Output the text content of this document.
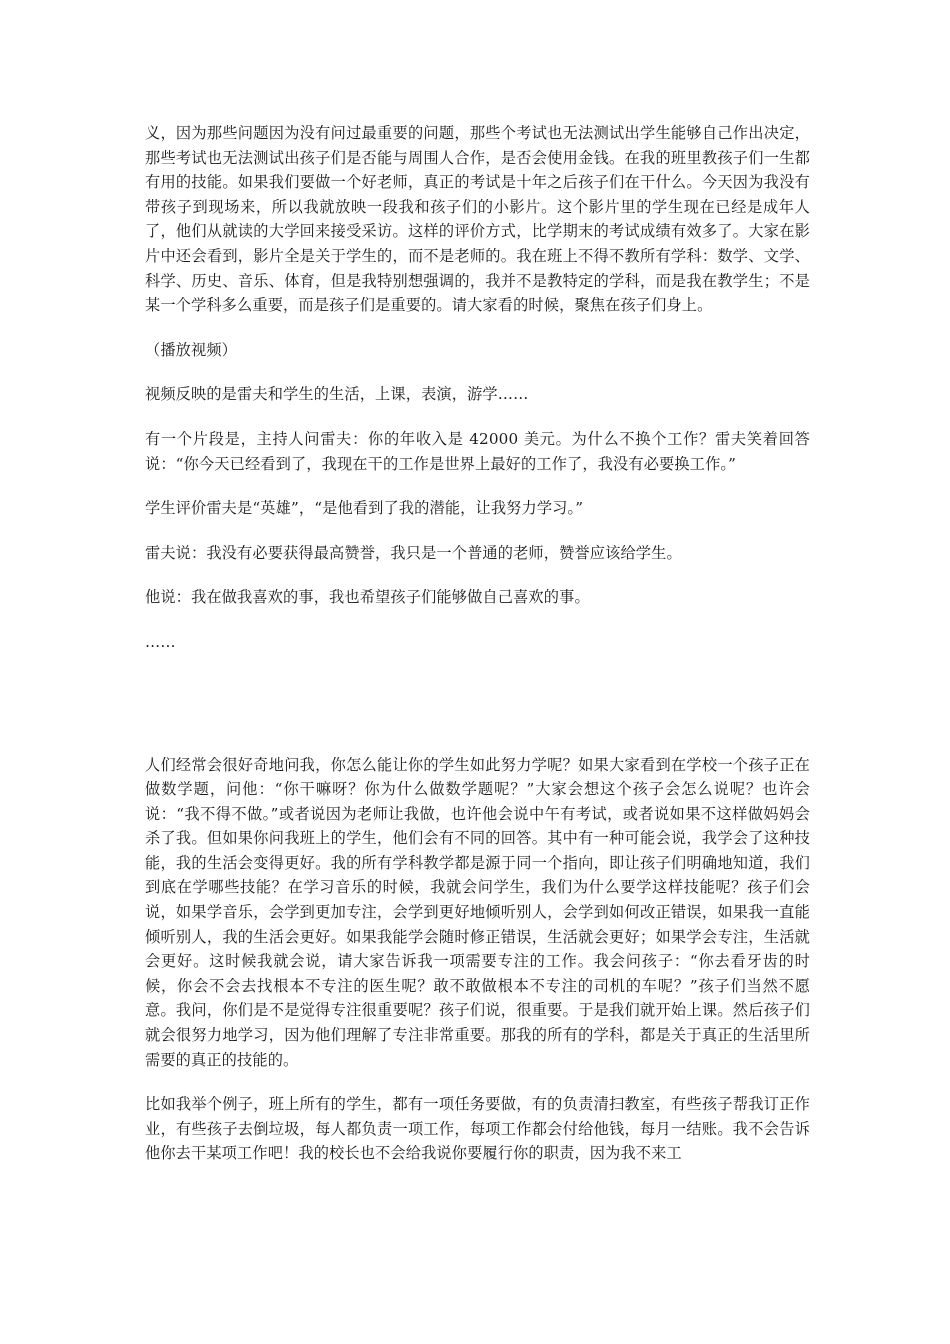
义，因为那些问题因为没有问过最重要的问题，那些个考试也无法测试出学生能够自己作出决定，那些考试也无法测试出孩子们是否能与周围人合作，是否会使用金钱。在我的班里教孩子们一生都有用的技能。如果我们要做一个好老师，真正的考试是十年之后孩子们在干什么。今天因为我没有带孩子到现场来，所以我就放映一段我和孩子们的小影片。这个影片里的学生现在已经是成年人了，他们从就读的大学回来接受采访。这样的评价方式，比学期末的考试成绩有效多了。大家在影片中还会看到，影片全是关于学生的，而不是老师的。我在班上不得不教所有学科：数学、文学、科学、历史、音乐、体育，但是我特别想强调的，我并不是教特定的学科，而是我在教学生；不是某一个学科多么重要，而是孩子们是重要的。请大家看的时候，聚焦在孩子们身上。

（播放视频）

视频反映的是雷夫和学生的生活，上课，表演，游学……

有一个片段是，主持人问雷夫：你的年收入是 42000 美元。为什么不换个工作？雷夫笑着回答说：“你今天已经看到了，我现在干的工作是世界上最好的工作了，我没有必要换工作。”

学生评价雷夫是“英雄”，“是他看到了我的潜能，让我努力学习。”

雷夫说：我没有必要获得最高赞誉，我只是一个普通的老师，赞誉应该给学生。

他说：我在做我喜欢的事，我也希望孩子们能够做自己喜欢的事。

……

人们经常会很好奇地问我，你怎么能让你的学生如此努力学呢？如果大家看到在学校一个孩子正在做数学题，问他：“你干嘛呀？你为什么做数学题呢？”大家会想这个孩子会怎么说呢？也许会说：“我不得不做。”或者说因为老师让我做，也许他会说中午有考试，或者说如果不这样做妈妈会杀了我。但如果你问我班上的学生，他们会有不同的回答。其中有一种可能会说，我学会了这种技能，我的生活会变得更好。我的所有学科教学都是源于同一个指向，即让孩子们明确地知道，我们到底在学哪些技能？在学习音乐的时候，我就会问学生，我们为什么要学这样技能呢？孩子们会说，如果学音乐，会学到更加专注，会学到更好地倾听别人，会学到如何改正错误，如果我一直能倾听别人，我的生活会更好。如果我能学会随时修正错误，生活就会更好；如果学会专注，生活就会更好。这时候我就会说，请大家告诉我一项需要专注的工作。我会问孩子：“你去看牙齿的时候，你会不会去找根本不专注的医生呢？敢不敢做根本不专注的司机的车呢？”孩子们当然不愿意。我问，你们是不是觉得专注很重要呢？孩子们说，很重要。于是我们就开始上课。然后孩子们就会很努力地学习，因为他们理解了专注非常重要。那我的所有的学科，都是关于真正的生活里所需要的真正的技能的。

比如我举个例子，班上所有的学生，都有一项任务要做，有的负责清扫教室，有些孩子帮我订正作业，有些孩子去倒垃圾，每人都负责一项工作，每项工作都会付给他钱，每月一结账。我不会告诉他你去干某项工作吧！我的校长也不会给我说你要履行你的职责，因为我不来工
